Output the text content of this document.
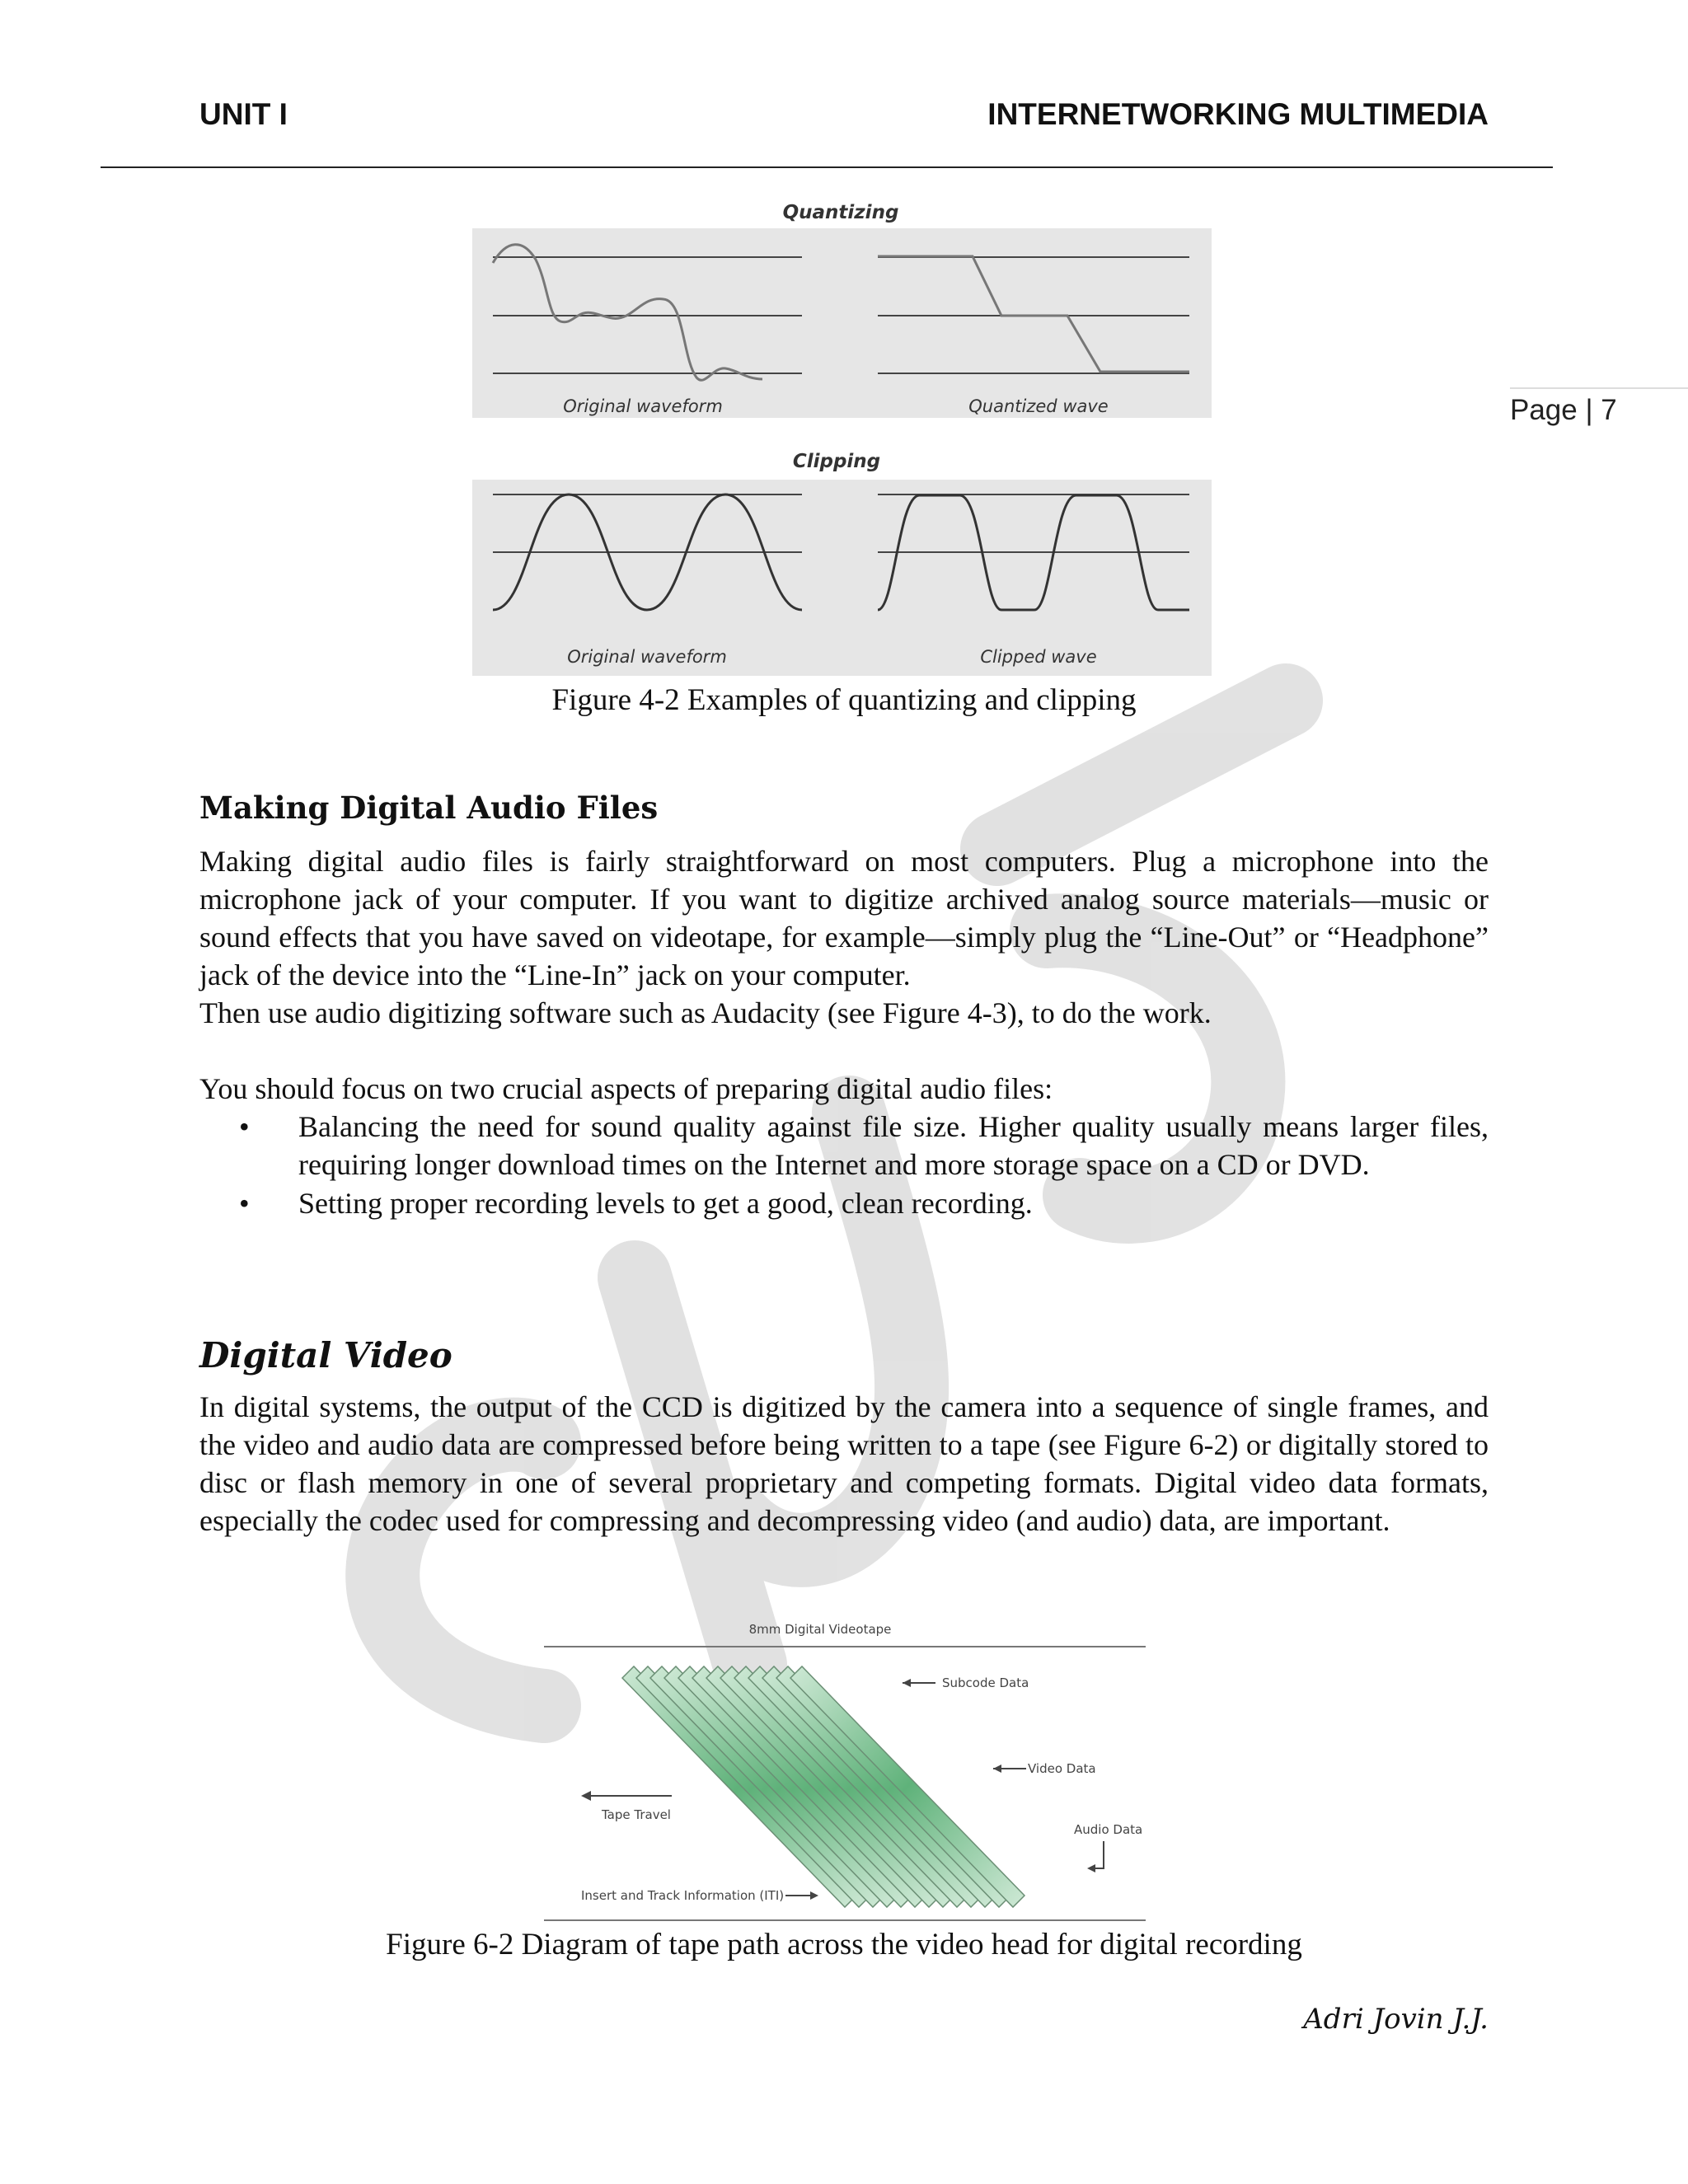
UNIT I	INTERNETWORKING MULTIMEDIA
Page | 7
Quantizing
Original waveform	Quantized wave
Clipping
Original waveform	Clipped wave
Figure 4-2 Examples of quantizing and clipping
Making Digital Audio Files

Making digital audio files is fairly straightforward on most computers. Plug a microphone into the microphone jack of your computer. If you want to digitize archived analog source materials—music or sound effects that you have saved on videotape, for example—simply plug the “Line-Out” or “Headphone” jack of the device into the “Line-In” jack on your computer.

Then use audio digitizing software such as Audacity (see Figure 4-3), to do the work.

You should focus on two crucial aspects of preparing digital audio files:
• Balancing the need for sound quality against file size. Higher quality usually means larger files, requiring longer download times on the Internet and more storage space on a CD or DVD.
• Setting proper recording levels to get a good, clean recording.
Digital Video
In digital systems, the output of the CCD is digitized by the camera into a sequence of single frames, and the video and audio data are compressed before being written to a tape (see Figure 6-2) or digitally stored to disc or flash memory in one of several proprietary and competing formats. Digital video data formats, especially the codec used for compressing and decompressing video (and audio) data, are important.
8mm Digital Videotape
Subcode Data
Video Data
Audio Data
Tape Travel
Insert and Track Information (ITI)
Figure 6-2 Diagram of tape path across the video head for digital recording
Adri Jovin J.J.
